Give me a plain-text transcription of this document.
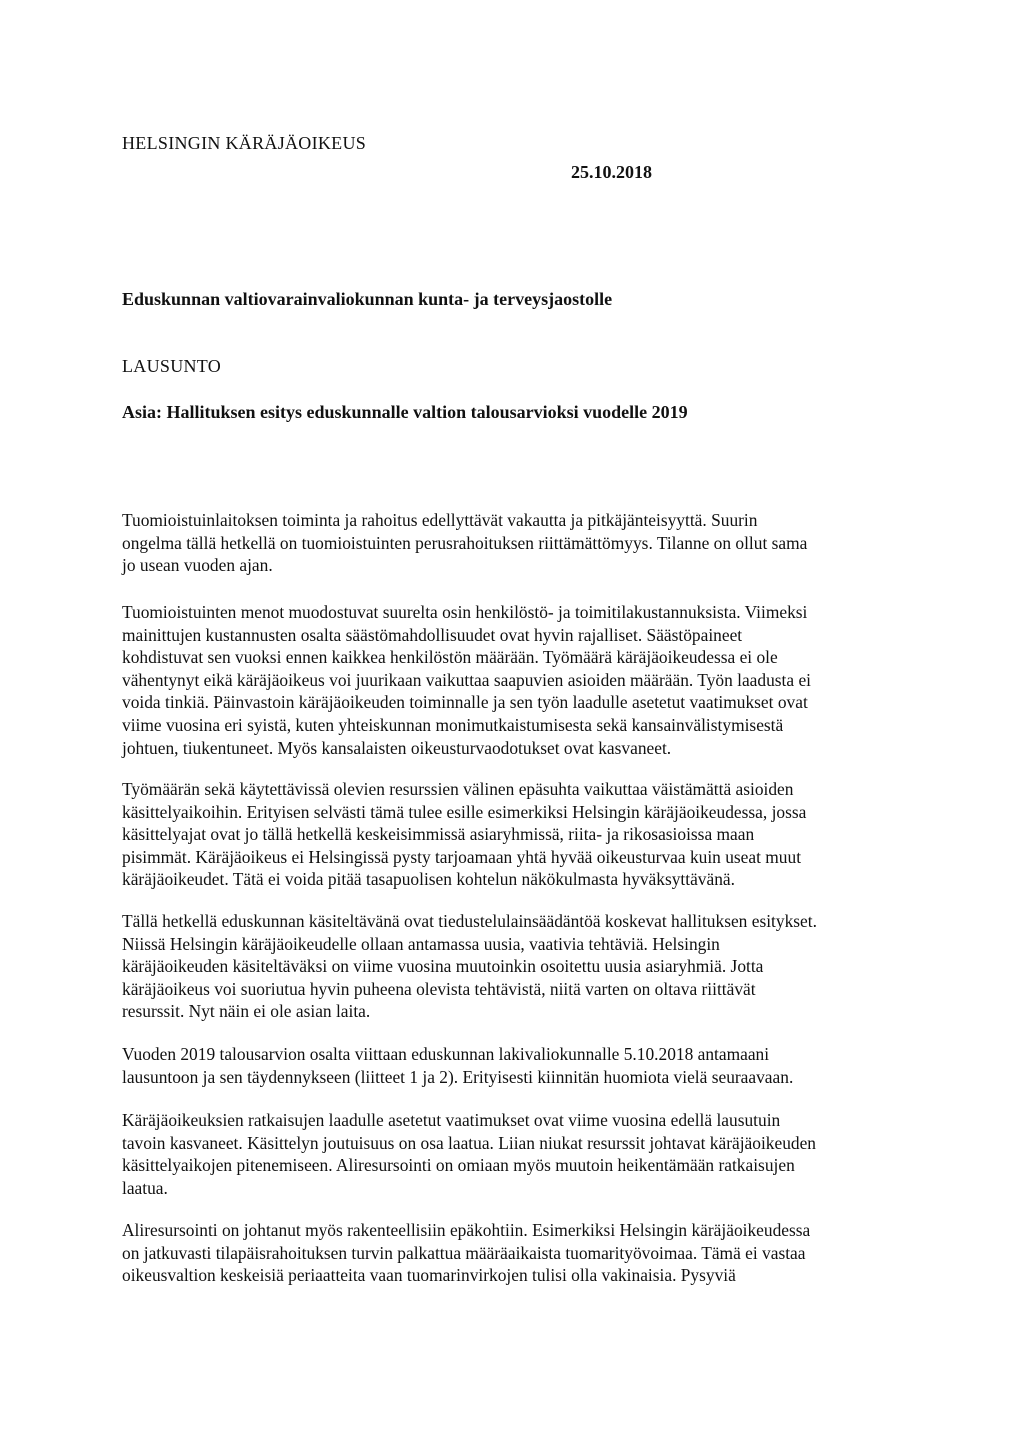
HELSINGIN KÄRÄJÄOIKEUS
25.10.2018
Eduskunnan valtiovarainvaliokunnan kunta- ja terveysjaostolle
LAUSUNTO
Asia: Hallituksen esitys eduskunnalle valtion talousarvioksi vuodelle 2019
Tuomioistuinlaitoksen toiminta ja rahoitus edellyttävät vakautta ja pitkäjänteisyyttä. Suurin
ongelma tällä hetkellä on tuomioistuinten perusrahoituksen riittämättömyys. Tilanne on ollut sama
jo usean vuoden ajan.
Tuomioistuinten menot muodostuvat suurelta osin henkilöstö- ja toimitilakustannuksista. Viimeksi
mainittujen kustannusten osalta säästömahdollisuudet ovat hyvin rajalliset. Säästöpaineet
kohdistuvat sen vuoksi ennen kaikkea henkilöstön määrään. Työmäärä käräjäoikeudessa ei ole
vähentynyt eikä käräjäoikeus voi juurikaan vaikuttaa saapuvien asioiden määrään. Työn laadusta ei
voida tinkiä. Päinvastoin käräjäoikeuden toiminnalle ja sen työn laadulle asetetut vaatimukset ovat
viime vuosina eri syistä, kuten yhteiskunnan monimutkaistumisesta sekä kansainvälistymisestä
johtuen, tiukentuneet. Myös kansalaisten oikeusturvaodotukset ovat kasvaneet.
Työmäärän sekä käytettävissä olevien resurssien välinen epäsuhta vaikuttaa väistämättä asioiden
käsittelyaikoihin. Erityisen selvästi tämä tulee esille esimerkiksi Helsingin käräjäoikeudessa, jossa
käsittelyajat ovat jo tällä hetkellä keskeisimmissä asiaryhmissä, riita- ja rikosasioissa maan
pisimmät. Käräjäoikeus ei Helsingissä pysty tarjoamaan yhtä hyvää oikeusturvaa kuin useat muut
käräjäoikeudet. Tätä ei voida pitää tasapuolisen kohtelun näkökulmasta hyväksyttävänä.
Tällä hetkellä eduskunnan käsiteltävänä ovat tiedustelulainsäädäntöä koskevat hallituksen esitykset.
Niissä Helsingin käräjäoikeudelle ollaan antamassa uusia, vaativia tehtäviä. Helsingin
käräjäoikeuden käsiteltäväksi on viime vuosina muutoinkin osoitettu uusia asiaryhmiä. Jotta
käräjäoikeus voi suoriutua hyvin puheena olevista tehtävistä, niitä varten on oltava riittävät
resurssit. Nyt näin ei ole asian laita.
Vuoden 2019 talousarvion osalta viittaan eduskunnan lakivaliokunnalle 5.10.2018 antamaani
lausuntoon ja sen täydennykseen (liitteet 1 ja 2). Erityisesti kiinnitän huomiota vielä seuraavaan.
Käräjäoikeuksien ratkaisujen laadulle asetetut vaatimukset ovat viime vuosina edellä lausutuin
tavoin kasvaneet. Käsittelyn joutuisuus on osa laatua. Liian niukat resurssit johtavat käräjäoikeuden
käsittelyaikojen pitenemiseen. Aliresursointi on omiaan myös muutoin heikentämään ratkaisujen
laatua.
Aliresursointi on johtanut myös rakenteellisiin epäkohtiin. Esimerkiksi Helsingin käräjäoikeudessa
on jatkuvasti tilapäisrahoituksen turvin palkattua määräaikaista tuomarityövoimaa. Tämä ei vastaa
oikeusvaltion keskeisiä periaatteita vaan tuomarinvirkojen tulisi olla vakinaisia. Pysyviä
